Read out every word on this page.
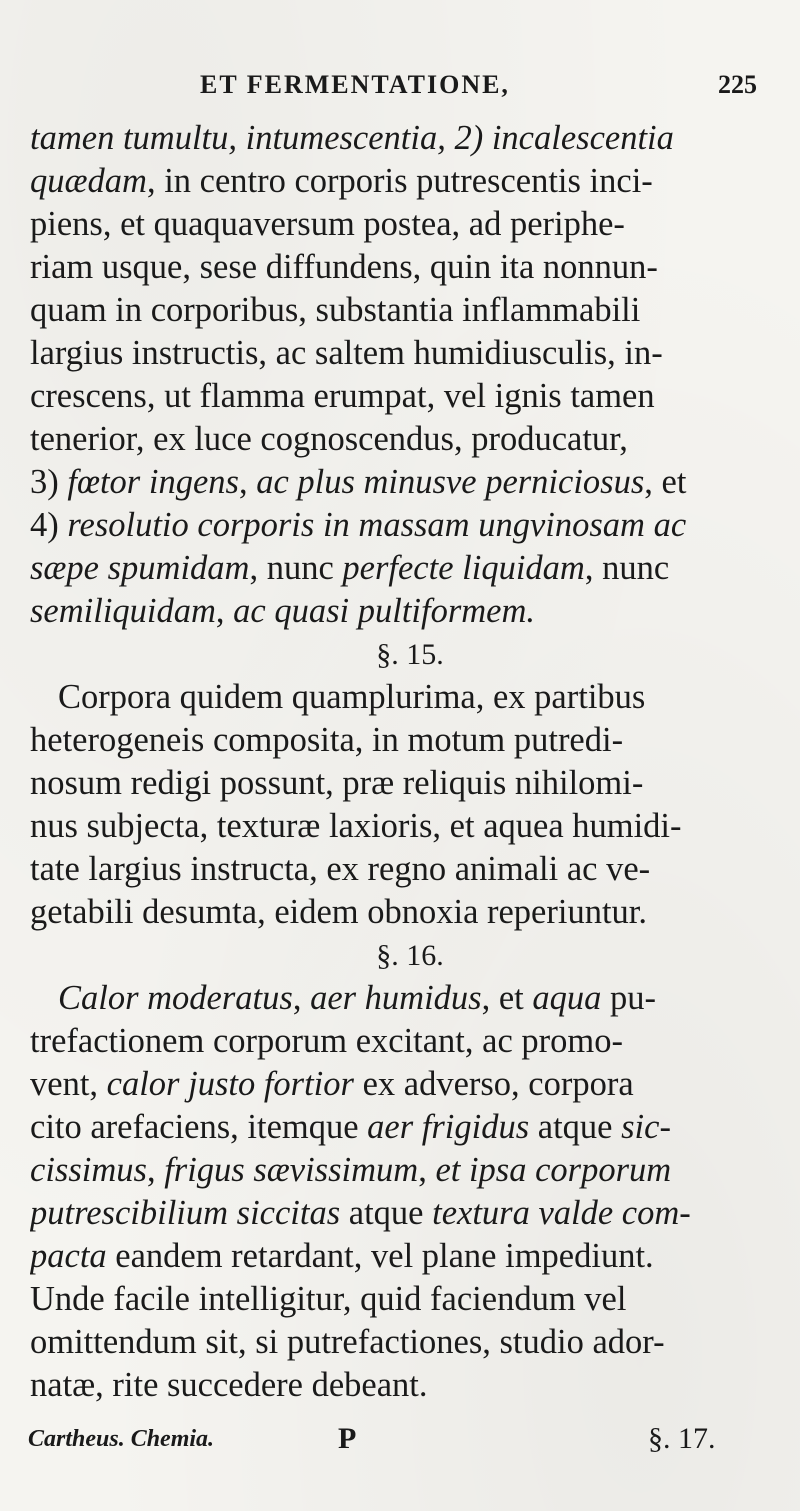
ET FERMENTATIONE,	225
tamen tumultu, intumescentia, 2) incalescentia
quædam, in centro corporis putrescentis inci-
piens, et quaquaversum postea, ad periphe-
riam usque, sese diffundens, quin ita nonnun-
quam in corporibus, substantia inflammabili
largius instructis, ac saltem humidiusculis, in-
crescens, ut flamma erumpat, vel ignis tamen
tenerior, ex luce cognoscendus, producatur,
3) fœtor ingens, ac plus minusve perniciosus, et
4) resolutio corporis in massam ungvinosam ac
sæpe spumidam, nunc perfecte liquidam, nunc
semiliquidam, ac quasi pultiformem.
§. 15.
Corpora quidem quamplurima, ex partibus
heterogeneis composita, in motum putredi-
nosum redigi possunt, præ reliquis nihilomi-
nus subjecta, texturæ laxioris, et aquea humidi-
tate largius instructa, ex regno animali ac ve-
getabili desumta, eidem obnoxia reperiuntur.
§. 16.
Calor moderatus, aer humidus, et aqua pu-
trefactionem corporum excitant, ac promo-
vent, calor justo fortior ex adverso, corpora
cito arefaciens, itemque aer frigidus atque sic-
cissimus, frigus sævissimum, et ipsa corporum
putrescibilium siccitas atque textura valde com-
pacta eandem retardant, vel plane impediunt.
Unde facile intelligitur, quid faciendum vel
omittendum sit, si putrefactiones, studio ador-
natæ, rite succedere debeant.
Cartheus. Chemia.	P	§. 17.
